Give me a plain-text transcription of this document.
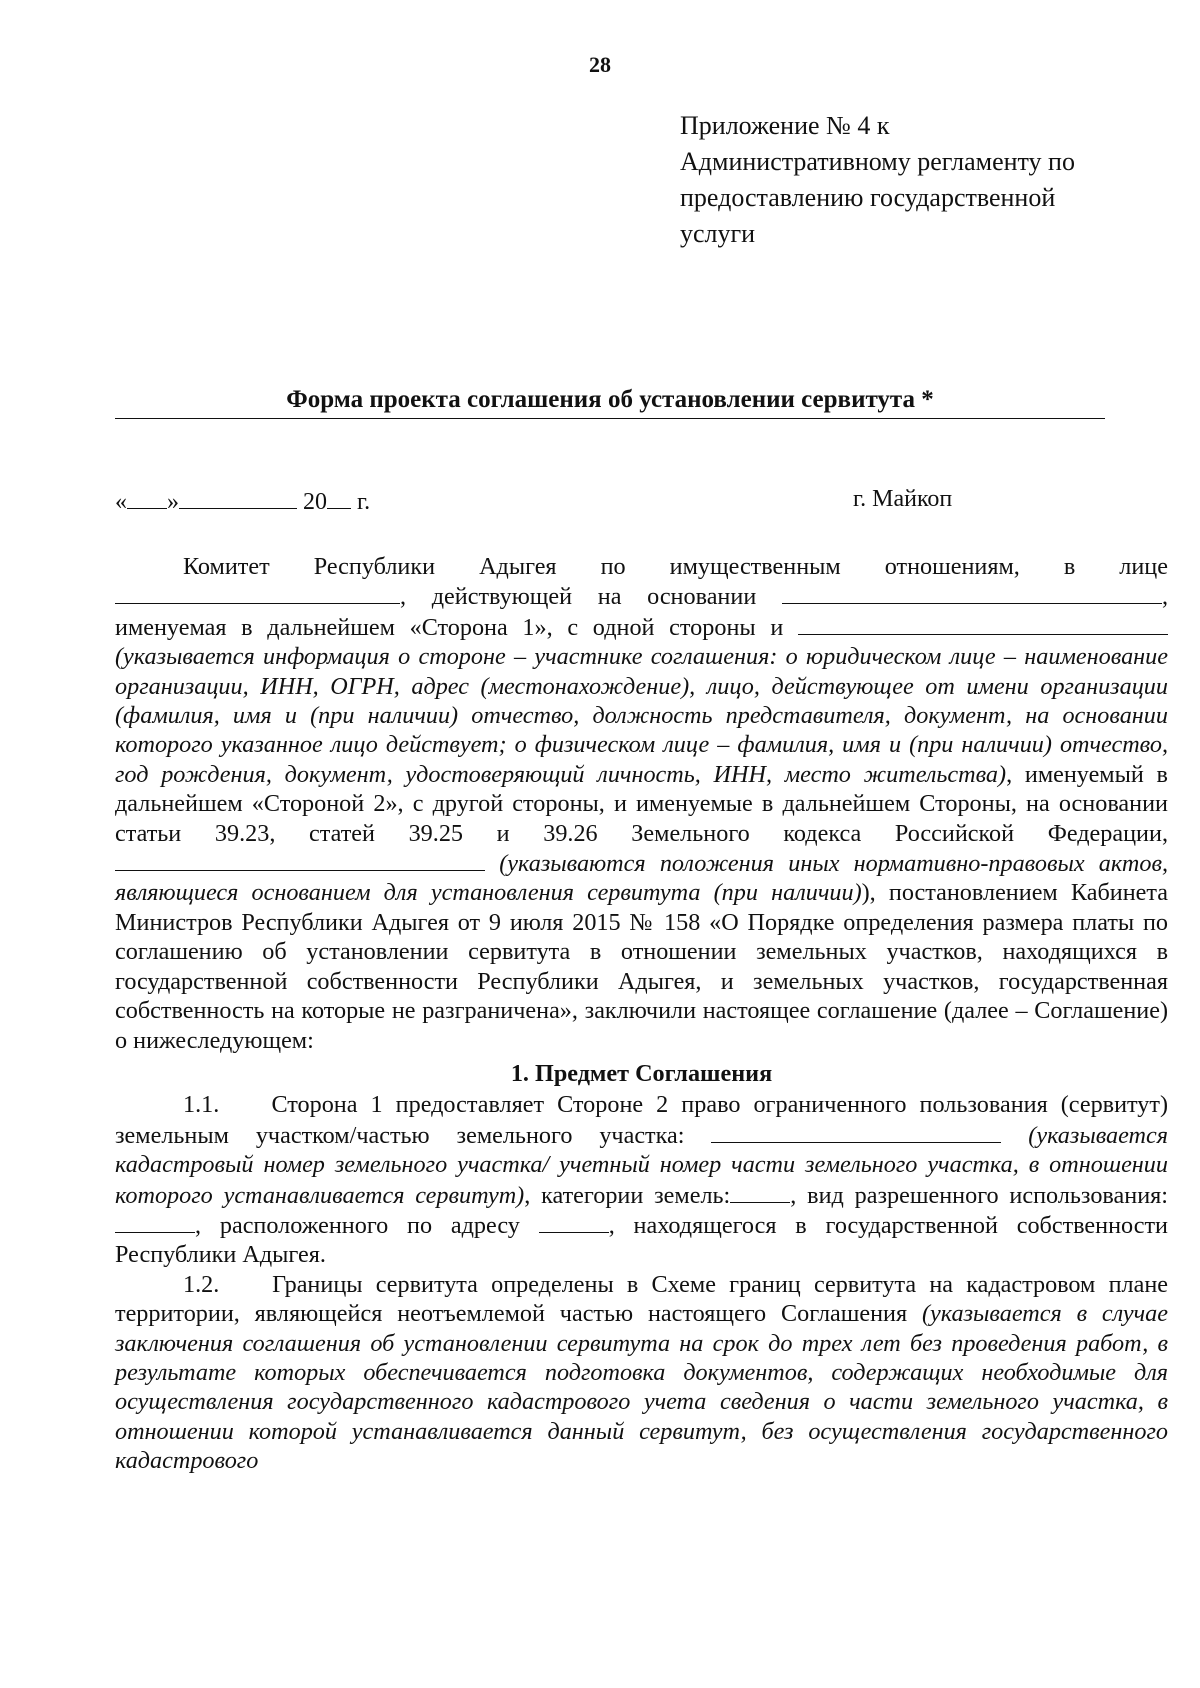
28
Приложение № 4 к
Административному регламенту по
предоставлению государственной
услуги
Форма проекта соглашения об установлении сервитута *
« »	20 г.	г. Майкоп

Комитет Республики Адыгея по имущественным отношениям, в лице , действующей на основании	, именуемая в дальнейшем «Сторона 1», с одной стороны и  (указывается информация о стороне – участнике соглашения: о юридическом лице – наименование организации, ИНН, ОГРН, адрес (местонахождение), лицо, действующее от имени организации (фамилия, имя и (при наличии) отчество, должность представителя, документ, на основании которого указанное лицо действует; о физическом лице – фамилия, имя и (при наличии) отчество, год рождения, документ, удостоверяющий личность, ИНН, место жительства), именуемый в дальнейшем «Стороной 2», с другой стороны, и именуемые в дальнейшем Стороны, на основании статьи 39.23, статей 39.25 и 39.26 Земельного кодекса Российской Федерации,  (указываются положения иных нормативно-правовых актов, являющиеся основанием для установления сервитута (при наличии)), постановлением Кабинета Министров Республики Адыгея от 9 июля 2015 № 158 «О Порядке определения размера платы по соглашению об установлении сервитута в отношении земельных участков, находящихся в государственной собственности Республики Адыгея, и земельных участков, государственная собственность на которые не разграничена», заключили настоящее соглашение (далее – Соглашение) о нижеследующем:

1. Предмет Соглашения

1.1. Сторона 1 предоставляет Стороне 2 право ограниченного пользования (сервитут) земельным участком/частью земельного участка:	(указывается кадастровый номер земельного участка/ учетный номер части земельного участка, в отношении которого устанавливается сервитут), категории земель: , вид разрешенного использования: , расположенного по адресу	, находящегося в государственной собственности Республики Адыгея.

1.2. Границы сервитута определены в Схеме границ сервитута на кадастровом плане территории, являющейся неотъемлемой частью настоящего Соглашения (указывается в случае заключения соглашения об установлении сервитута на срок до трех лет без проведения работ, в результате которых обеспечивается подготовка документов, содержащих необходимые для осуществления государственного кадастрового учета сведения о части земельного участка, в отношении которой устанавливается данный сервитут, без осуществления государственного кадастрового
